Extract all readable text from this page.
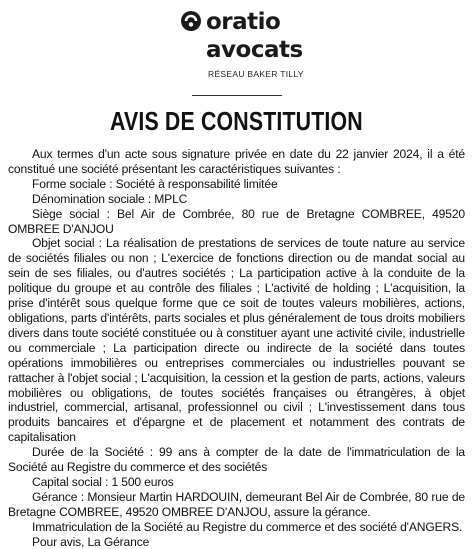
oratio
avocats
RÉSEAU BAKER TILLY
AVIS DE CONSTITUTION

Aux termes d'un acte sous signature privée en date du 22 janvier 2024, il a été constitué une société présentant les caractéristiques suivantes :

Forme sociale : Société à responsabilité limitée

Dénomination sociale : MPLC

Siège social : Bel Air de Combrée, 80 rue de Bretagne COMBREE, 49520 OMBREE D'ANJOU

Objet social : La réalisation de prestations de services de toute nature au service de sociétés filiales ou non ; L'exercice de fonctions direction ou de mandat social au sein de ses filiales, ou d'autres sociétés ; La participation active à la conduite de la politique du groupe et au contrôle des filiales ; L'activité de holding ; L'acquisition, la prise d'intérêt sous quelque forme que ce soit de toutes valeurs mobilières, actions, obligations, parts d'intérêts, parts sociales et plus généralement de tous droits mobiliers divers dans toute société constituée ou à constituer ayant une activité civile, industrielle ou commerciale ; La participation directe ou indirecte de la société dans toutes opérations immobilières ou entreprises commerciales ou industrielles pouvant se rattacher à l'objet social ; L'acquisition, la cession et la gestion de parts, actions, valeurs mobilières ou obligations, de toutes sociétés françaises ou étrangères, à objet industriel, commercial, artisanal, professionnel ou civil ; L'investissement dans tous produits bancaires et d'épargne et de placement et notamment des contrats de capitalisation

Durée de la Société : 99 ans à compter de la date de l'immatriculation de la Société au Registre du commerce et des sociétés

Capital social : 1 500 euros

Gérance : Monsieur Martin HARDOUIN, demeurant Bel Air de Combrée, 80 rue de Bretagne COMBREE, 49520 OMBREE D'ANJOU, assure la gérance.

Immatriculation de la Société au Registre du commerce et des société d'ANGERS.

Pour avis, La Gérance
